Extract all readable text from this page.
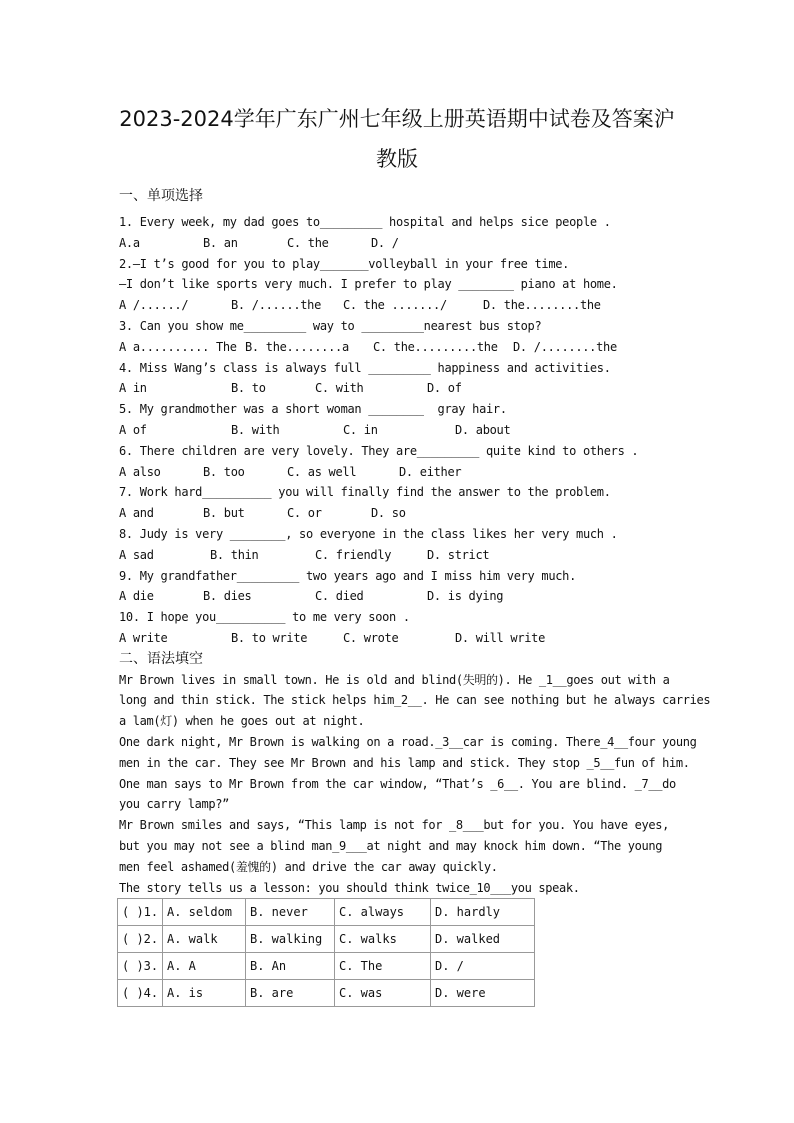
2023-2024学年广东广州七年级上册英语期中试卷及答案沪
教版
一、单项选择
1. Every week, my dad goes to_________ hospital and helps sice people .

A.a

	B. an

	C. the

	D. /

2.—I t’s good for you to play_______volleyball in your free time.
—I don’t like sports very much. I prefer to play ________ piano at home.

A /....../

	B. /......the

C. the ......./

	D. the........the

3. Can you show me_________ way to _________nearest bus stop?

A a.......... The

B. the........a

C. the.........the

D. /........the

4. Miss Wang’s class is always full _________ happiness and activities.

A in

	B. to

	C. with

	D. of

5. My grandmother was a short woman ________  gray hair.

A of

	B. with

	C. in

	D. about

6. There children are very lovely. They are_________ quite kind to others .

A also

	B. too

	C. as well

	D. either

7. Work hard__________ you will finally find the answer to the problem.

A and

	B. but

	C. or

	D. so

8. Judy is very ________, so everyone in the class likes her very much .

A sad

	B. thin

	C. friendly

	D. strict

9. My grandfather_________ two years ago and I miss him very much.

A die

	B. dies

	C. died

	D. is dying

10. I hope you__________ to me very soon .

A write

	B. to write

	C. wrote

	D. will write

二、语法填空
Mr Brown lives in small town. He is old and blind(失明的). He _1__goes out with a
long and thin stick. The stick helps him_2__. He can see nothing but he always carries
a lam(灯) when he goes out at night.
One dark night, Mr Brown is walking on a road._3__car is coming. There_4__four young
men in the car. They see Mr Brown and his lamp and stick. They stop _5__fun of him.
One man says to Mr Brown from the car window, “That’s _6__. You are blind. _7__do
you carry lamp?”
Mr Brown smiles and says, “This lamp is not for _8___but for you. You have eyes,
but you may not see a blind man_9___at night and may knock him down. “The young
men feel ashamed(羞愧的) and drive the car away quickly.
The story tells us a lesson: you should think twice_10___you speak.
( )1.	A. seldom	B. never	C. always	D. hardly
( )2.	A. walk	B. walking	C. walks	D. walked
( )3.	A. A	B. An	C. The	D. /
( )4.	A. is	B. are	C. was	D. were
